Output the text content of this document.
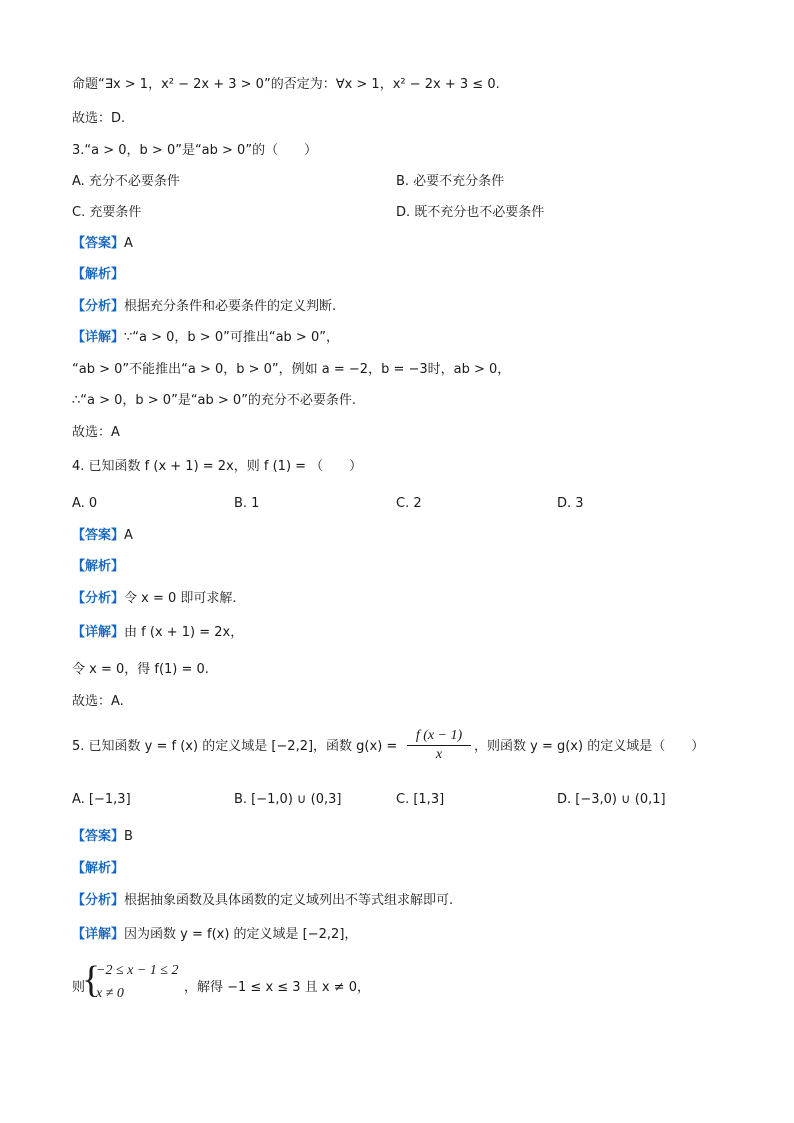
命题“∃x > 1，x² − 2x + 3 > 0”的否定为：∀x > 1，x² − 2x + 3 ≤ 0.
故选：D.
3.“a > 0，b > 0”是“ab > 0”的（　　）
A. 充分不必要条件	B. 必要不充分条件
C. 充要条件	D. 既不充分也不必要条件
【答案】A
【解析】
【分析】根据充分条件和必要条件的定义判断.
【详解】∵“a > 0，b > 0”可推出“ab > 0”，
“ab > 0”不能推出“a > 0，b > 0”，例如 a = −2，b = −3时，ab > 0，
∴“a > 0，b > 0”是“ab > 0”的充分不必要条件.
故选：A
4. 已知函数 f (x + 1) = 2x，则 f (1) = （　　）
A. 0	B. 1	C. 2	D. 3
【答案】A
【解析】
【分析】令 x = 0 即可求解.
【详解】由 f (x + 1) = 2x，
令 x = 0，得 f(1) = 0.
故选：A.
5. 已知函数 y = f (x) 的定义域是 [−2,2]，函数 $g(x) = \frac{f (x - 1)}{x}$ ，则函数 y = g(x) 的定义域是（　　）
A. [−1,3]	B. [−1,0) ∪ (0,3]	C. [1,3]	D. [−3,0) ∪ (0,1]
【答案】B
【解析】
【分析】根据抽象函数及具体函数的定义域列出不等式组求解即可.
【详解】因为函数 y = f(x) 的定义域是 [−2,2]，
则
{
−2 ≤ x − 1 ≤ 2
x ≠ 0	，解得 −1 ≤ x ≤ 3 且 x ≠ 0，
